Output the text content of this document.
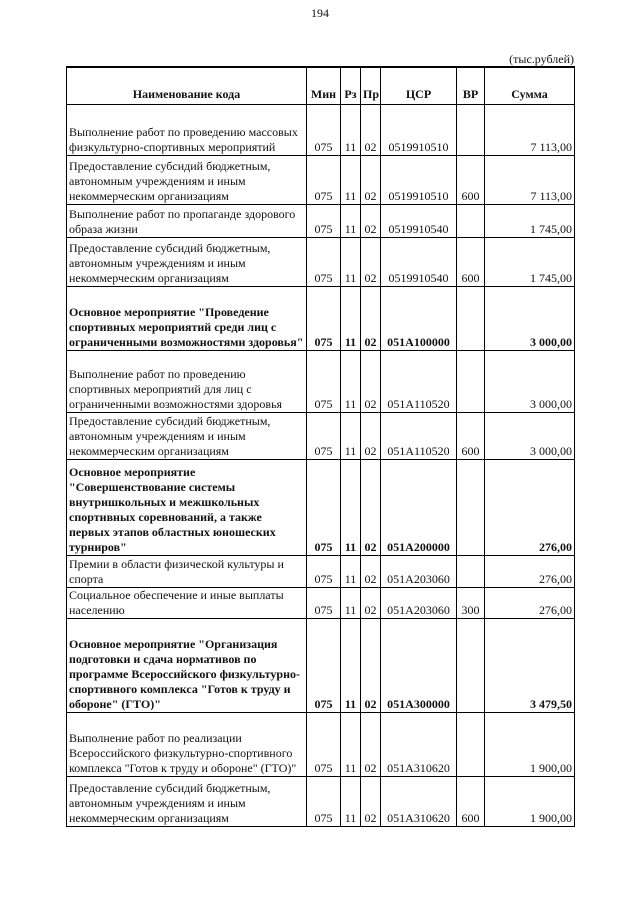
194
(тыс.рублей)
Наименование кода	Мин	Рз	Пр	ЦСР	ВР	Сумма
Выполнение работ по проведению массовых физкультурно-спортивных мероприятий	075	11	02	0519910510		7 113,00
Предоставление субсидий бюджетным, автономным учреждениям и иным некоммерческим организациям	075	11	02	0519910510	600	7 113,00
Выполнение работ по пропаганде здорового образа жизни	075	11	02	0519910540		1 745,00
Предоставление субсидий бюджетным, автономным учреждениям и иным некоммерческим организациям	075	11	02	0519910540	600	1 745,00
Основное мероприятие "Проведение спортивных мероприятий среди лиц с ограниченными возможностями здоровья"	075	11	02	051А100000		3 000,00
Выполнение работ по проведению спортивных мероприятий для лиц с ограниченными возможностями здоровья	075	11	02	051А110520		3 000,00
Предоставление субсидий бюджетным, автономным учреждениям и иным некоммерческим организациям	075	11	02	051А110520	600	3 000,00
Основное мероприятие "Совершенствование системы внутришкольных и межшкольных спортивных соревнований, а также первых этапов областных юношеских турниров"	075	11	02	051А200000		276,00
Премии в области физической культуры и спорта	075	11	02	051А203060		276,00
Социальное обеспечение и иные выплаты населению	075	11	02	051А203060	300	276,00
Основное мероприятие "Организация подготовки и сдача нормативов по программе Всероссийского физкультурно-спортивного комплекса "Готов к труду и обороне" (ГТО)"	075	11	02	051А300000		3 479,50
Выполнение работ по реализации Всероссийского физкультурно-спортивного комплекса "Готов к труду и обороне" (ГТО)"	075	11	02	051А310620		1 900,00
Предоставление субсидий бюджетным, автономным учреждениям и иным некоммерческим организациям	075	11	02	051А310620	600	1 900,00
